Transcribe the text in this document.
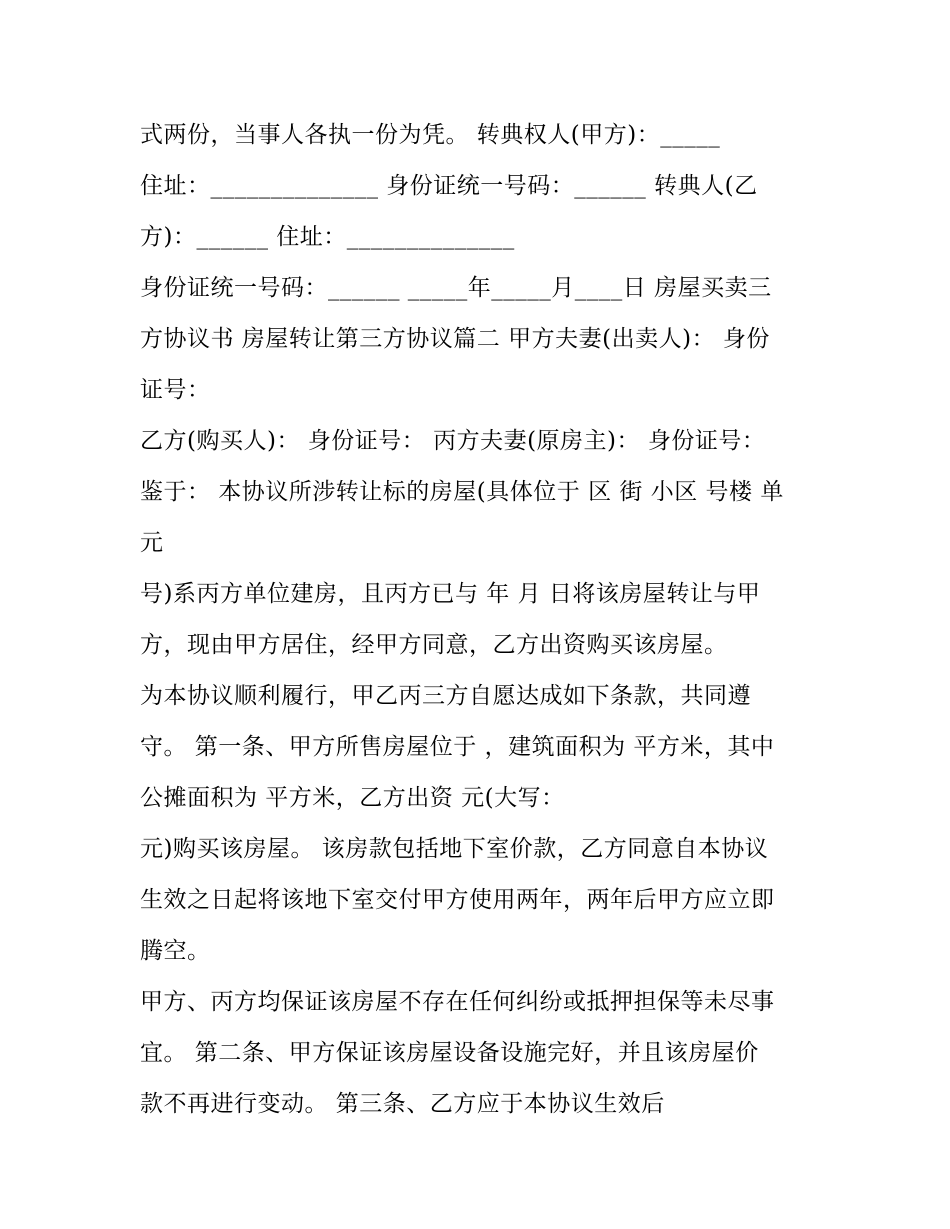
式两份，当事人各执一份为凭。 转典权人(甲方)：_____
住址：______________ 身份证统一号码：______ 转典人(乙
方)：______ 住址：______________
身份证统一号码：______ _____年_____月____日 房屋买卖三
方协议书 房屋转让第三方协议篇二 甲方夫妻(出卖人)： 身份
证号：
乙方(购买人)： 身份证号： 丙方夫妻(原房主)： 身份证号：
鉴于： 本协议所涉转让标的房屋(具体位于 区 街 小区 号楼 单
元
号)系丙方单位建房，且丙方已与 年 月 日将该房屋转让与甲
方，现由甲方居住，经甲方同意，乙方出资购买该房屋。
为本协议顺利履行，甲乙丙三方自愿达成如下条款，共同遵
守。 第一条、甲方所售房屋位于 ，建筑面积为 平方米，其中
公摊面积为 平方米，乙方出资 元(大写：
元)购买该房屋。 该房款包括地下室价款，乙方同意自本协议
生效之日起将该地下室交付甲方使用两年，两年后甲方应立即
腾空。
甲方、丙方均保证该房屋不存在任何纠纷或抵押担保等未尽事
宜。 第二条、甲方保证该房屋设备设施完好，并且该房屋价
款不再进行变动。 第三条、乙方应于本协议生效后
